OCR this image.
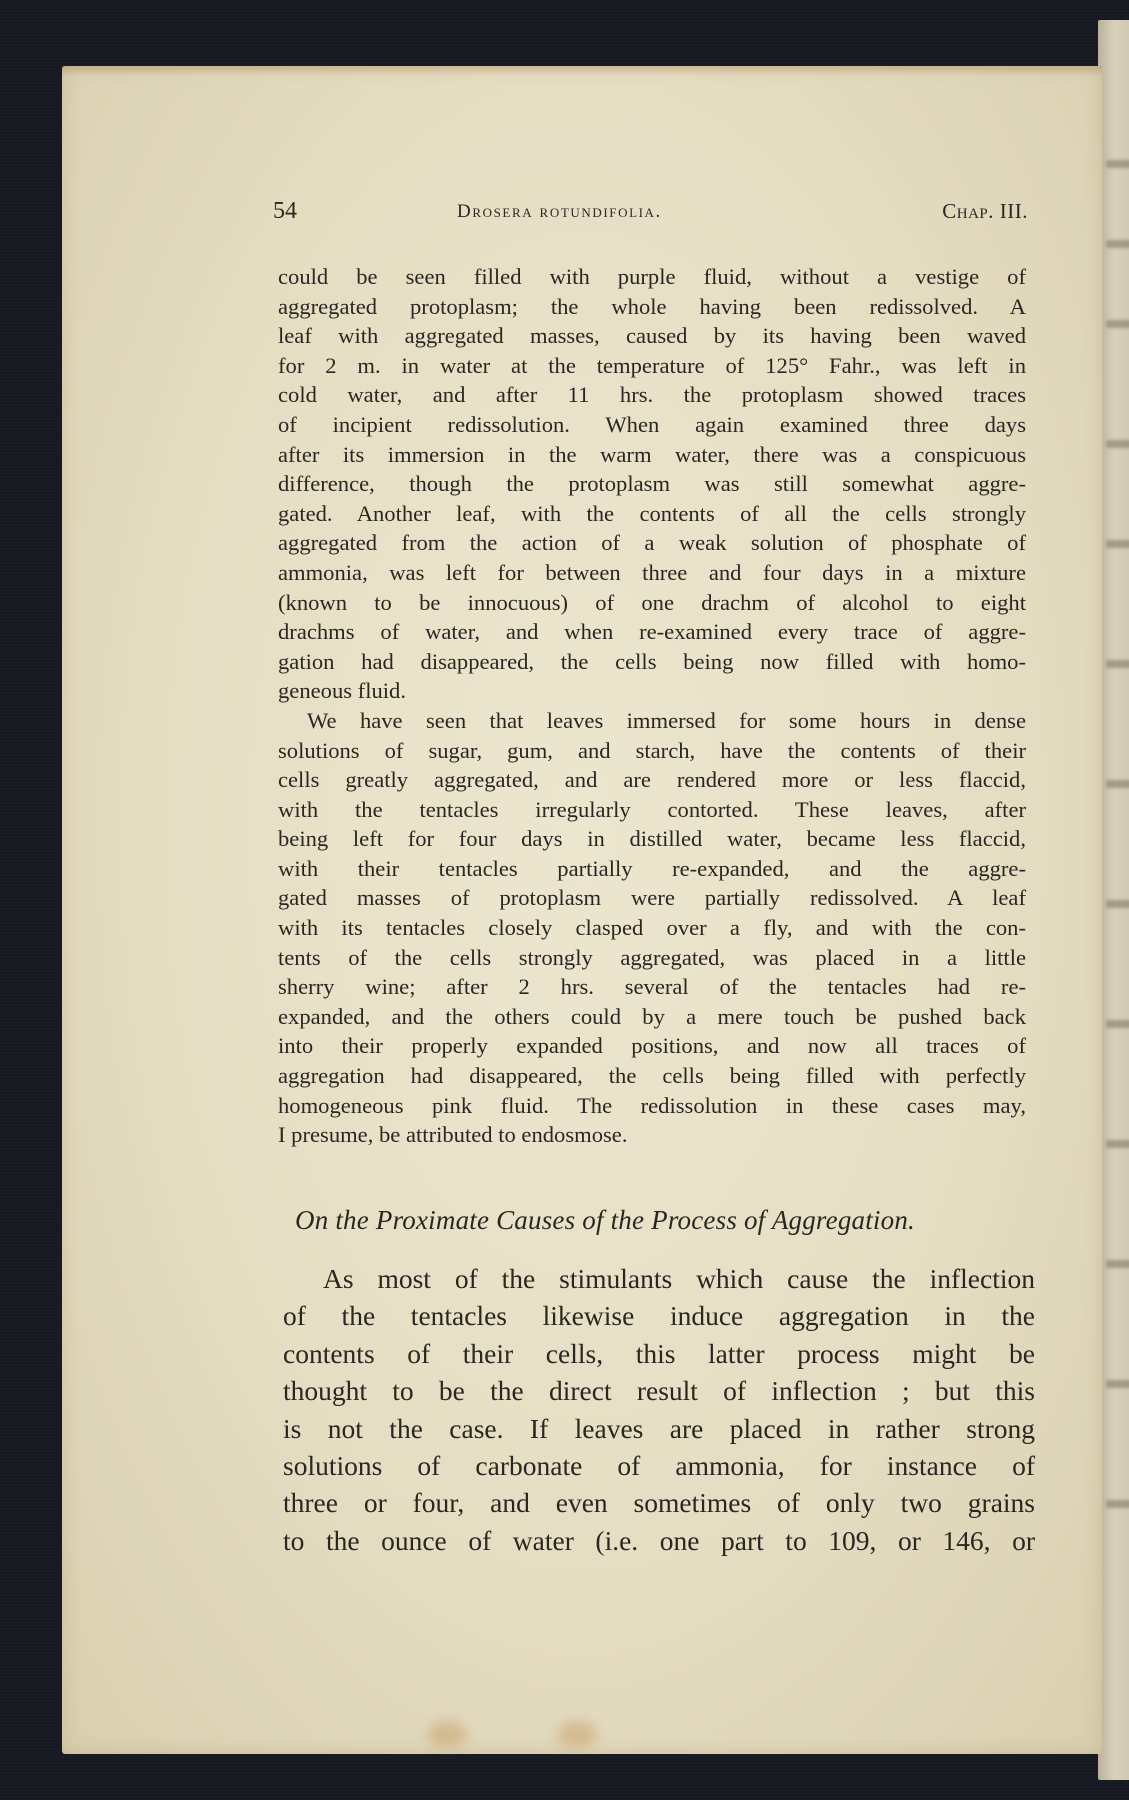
54	Drosera rotundifolia.	Chap. III.

could be seen filled with purple fluid, without a vestige of
aggregated protoplasm; the whole having been redissolved. A
leaf with aggregated masses, caused by its having been waved
for 2 m. in water at the temperature of 125° Fahr., was left in
cold water, and after 11 hrs. the protoplasm showed traces
of incipient redissolution. When again examined three days
after its immersion in the warm water, there was a conspicuous
difference, though the protoplasm was still somewhat aggre-
gated. Another leaf, with the contents of all the cells strongly
aggregated from the action of a weak solution of phosphate of
ammonia, was left for between three and four days in a mixture
(known to be innocuous) of one drachm of alcohol to eight
drachms of water, and when re-examined every trace of aggre-
gation had disappeared, the cells being now filled with homo-
geneous fluid.

We have seen that leaves immersed for some hours in dense
solutions of sugar, gum, and starch, have the contents of their
cells greatly aggregated, and are rendered more or less flaccid,
with the tentacles irregularly contorted. These leaves, after
being left for four days in distilled water, became less flaccid,
with their tentacles partially re-expanded, and the aggre-
gated masses of protoplasm were partially redissolved. A leaf
with its tentacles closely clasped over a fly, and with the con-
tents of the cells strongly aggregated, was placed in a little
sherry wine; after 2 hrs. several of the tentacles had re-
expanded, and the others could by a mere touch be pushed back
into their properly expanded positions, and now all traces of
aggregation had disappeared, the cells being filled with perfectly
homogeneous pink fluid. The redissolution in these cases may,
I presume, be attributed to endosmose.

On the Proximate Causes of the Process of Aggregation.
As most of the stimulants which cause the inflection
of the tentacles likewise induce aggregation in the
contents of their cells, this latter process might be
thought to be the direct result of inflection ; but this
is not the case. If leaves are placed in rather strong
solutions of carbonate of ammonia, for instance of
three or four, and even sometimes of only two grains
to the ounce of water (i.e. one part to 109, or 146, or
